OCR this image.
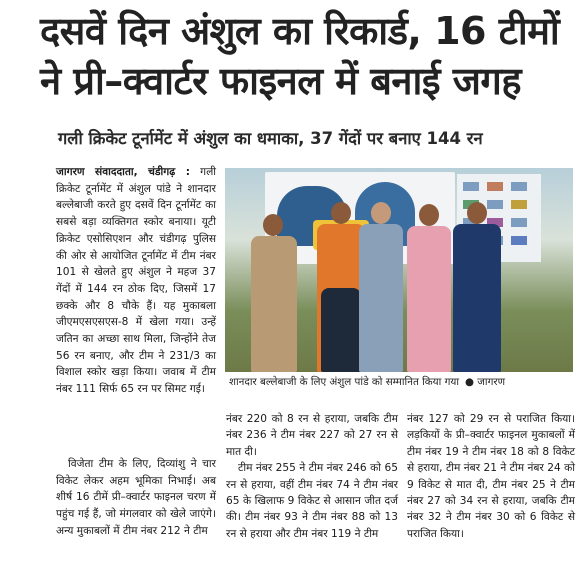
दसवें दिन अंशुल का रिकार्ड, 16 टीमों ने प्री–क्वार्टर फाइनल में बनाई जगह
गली क्रिकेट टूर्नामेंट में अंशुल का धमाका, 37 गेंदों पर बनाए 144 रन

जागरण संवाददाता, चंडीगढ़ : गली क्रिकेट टूर्नामेंट में अंशुल पांडे ने शानदार बल्लेबाजी करते हुए दसवें दिन टूर्नामेंट का सबसे बड़ा व्यक्तिगत स्कोर बनाया। यूटी क्रिकेट एसोसिएशन और चंडीगढ़ पुलिस की ओर से आयोजित टूर्नामेंट में टीम नंबर 101 से खेलते हुए अंशुल ने महज 37 गेंदों में 144 रन ठोक दिए, जिसमें 17 छक्के और 8 चौके हैं। यह मुकाबला जीएमएसएसएस-8 में खेला गया। उन्हें जतिन का अच्छा साथ मिला, जिन्होंने तेज 56 रन बनाए, और टीम ने 231/3 का विशाल स्कोर खड़ा किया। जवाब में टीम नंबर 111 सिर्फ 65 रन पर सिमट गई।

विजेता टीम के लिए, दिव्यांशु ने चार विकेट लेकर अहम भूमिका निभाई। अब शीर्ष 16 टीमें प्री–क्वार्टर फाइनल चरण में पहुंच गई हैं, जो मंगलवार को खेले जाएंगे। अन्य मुकाबलों में टीम नंबर 212 ने टीम

शानदार बल्लेबाजी के लिए अंशुल पांडे को सम्मानित किया गया ● जागरण

नंबर 220 को 8 रन से हराया, जबकि टीम नंबर 236 ने टीम नंबर 227 को 27 रन से मात दी।

टीम नंबर 255 ने टीम नंबर 246 को 65 रन से हराया, वहीं टीम नंबर 74 ने टीम नंबर 65 के खिलाफ 9 विकेट से आसान जीत दर्ज की। टीम नंबर 93 ने टीम नंबर 88 को 13 रन से हराया और टीम नंबर 119 ने टीम

नंबर 127 को 29 रन से पराजित किया। लड़कियों के प्री–क्वार्टर फाइनल मुकाबलों में टीम नंबर 19 ने टीम नंबर 18 को 8 विकेट से हराया, टीम नंबर 21 ने टीम नंबर 24 को 9 विकेट से मात दी, टीम नंबर 25 ने टीम नंबर 27 को 34 रन से हराया, जबकि टीम नंबर 32 ने टीम नंबर 30 को 6 विकेट से पराजित किया।
